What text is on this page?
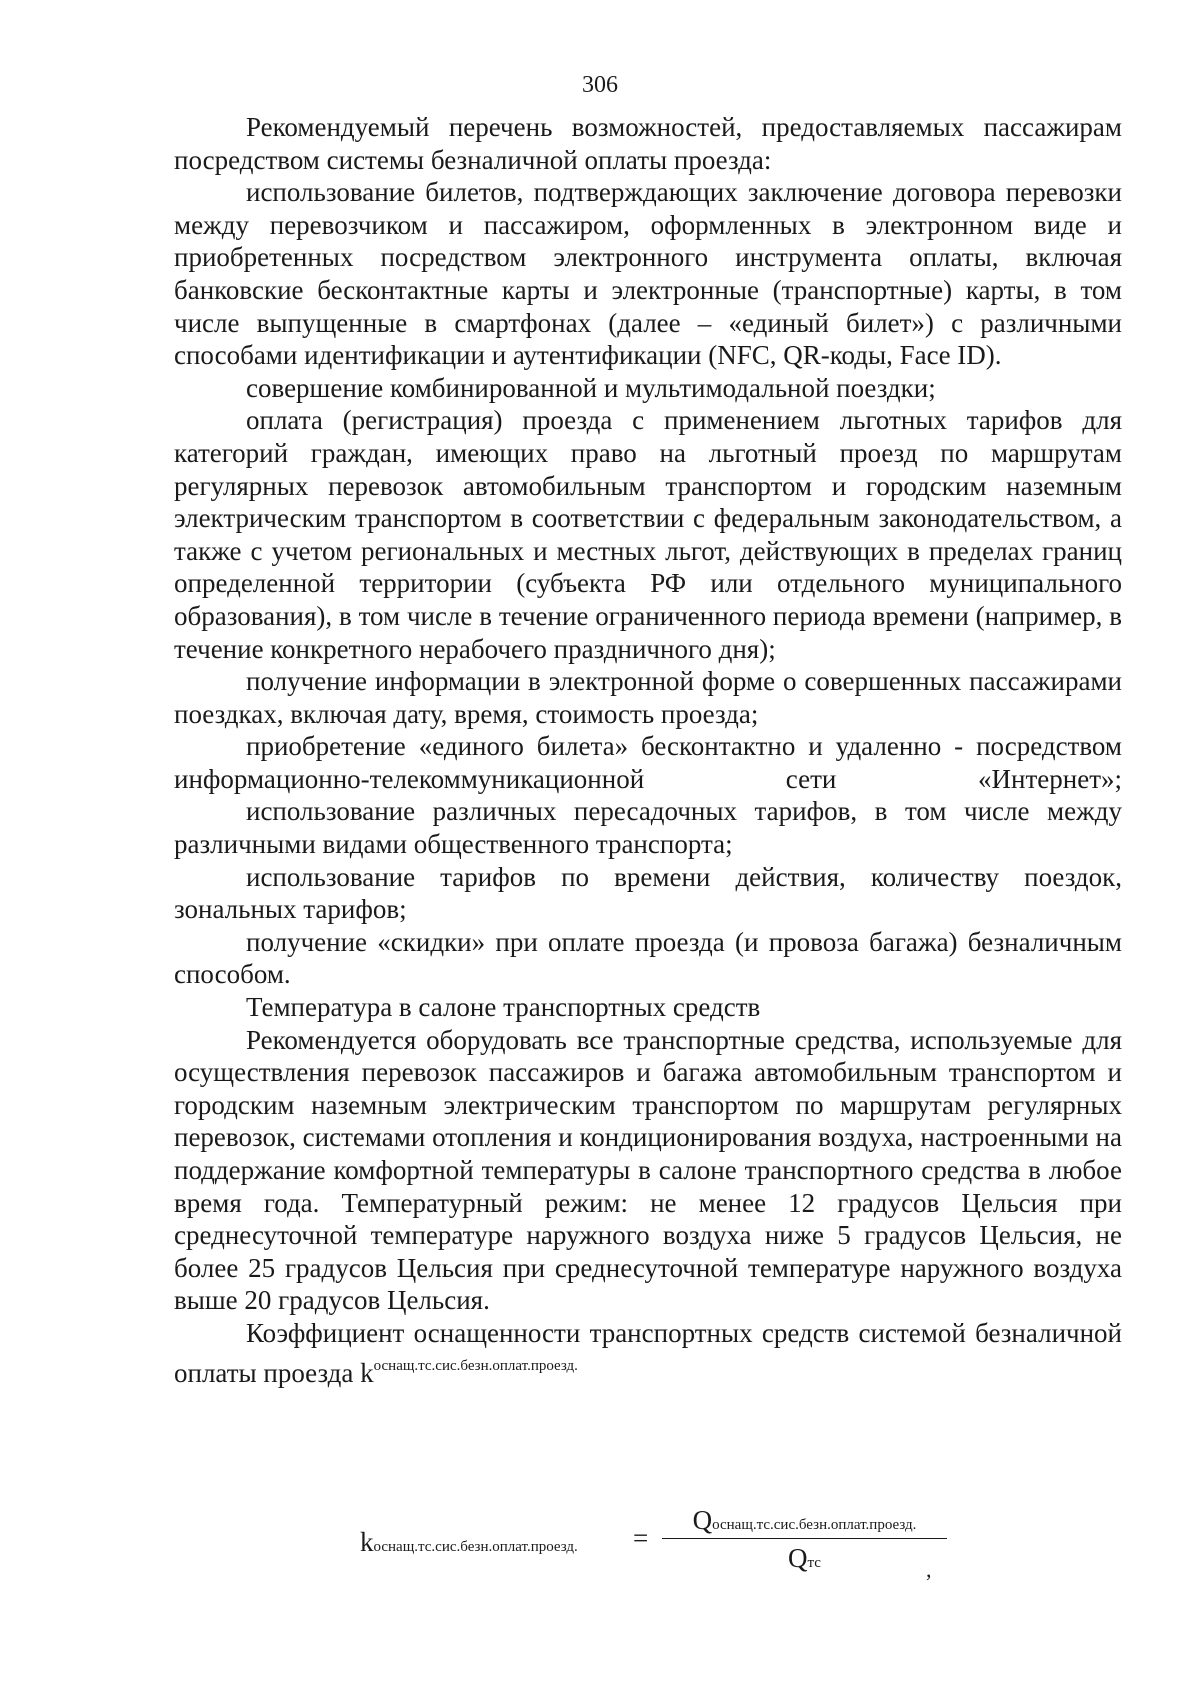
306

Рекомендуемый перечень возможностей, предоставляемых пассажирам посредством системы безналичной оплаты проезда:

использование билетов, подтверждающих заключение договора перевозки между перевозчиком и пассажиром, оформленных в электронном виде и приобретенных посредством электронного инструмента оплаты, включая банковские бесконтактные карты и электронные (транспортные) карты, в том числе выпущенные в смартфонах (далее – «единый билет») с различными способами идентификации и аутентификации (NFC, QR-коды, Face ID).

совершение комбинированной и мультимодальной поездки;

оплата (регистрация) проезда с применением льготных тарифов для категорий граждан, имеющих право на льготный проезд по маршрутам регулярных перевозок автомобильным транспортом и городским наземным электрическим транспортом в соответствии с федеральным законодательством, а также с учетом региональных и местных льгот, действующих в пределах границ определенной территории (субъекта РФ или отдельного муниципального образования), в том числе в течение ограниченного периода времени (например, в течение конкретного нерабочего праздничного дня);

получение информации в электронной форме о совершенных пассажирами поездках, включая дату, время, стоимость проезда;

приобретение «единого билета» бесконтактно и удаленно - посредством информационно-телекоммуникационной сети «Интернет»;

использование различных пересадочных тарифов, в том числе между различными видами общественного транспорта;

использование тарифов по времени действия, количеству поездок, зональных тарифов;

получение «скидки» при оплате проезда (и провоза багажа) безналичным способом.

Температура в салоне транспортных средств

Рекомендуется оборудовать все транспортные средства, используемые для осуществления перевозок пассажиров и багажа автомобильным транспортом и городским наземным электрическим транспортом по маршрутам регулярных перевозок, системами отопления и кондиционирования воздуха, настроенными на поддержание комфортной температуры в салоне транспортного средства в любое время года. Температурный режим: не менее 12 градусов Цельсия при среднесуточной температуре наружного воздуха ниже 5 градусов Цельсия, не более 25 градусов Цельсия при среднесуточной температуре наружного воздуха выше 20 градусов Цельсия.

Коэффициент оснащенности транспортных средств системой безналичной оплаты проезда $k^{оснащ.тс.сис.безн.оплат.проезд.}$

kоснащ.тс.сис.безн.оплат.проезд. =
Qоснащ.тс.сис.безн.оплат.проезд.
Qтс	,
